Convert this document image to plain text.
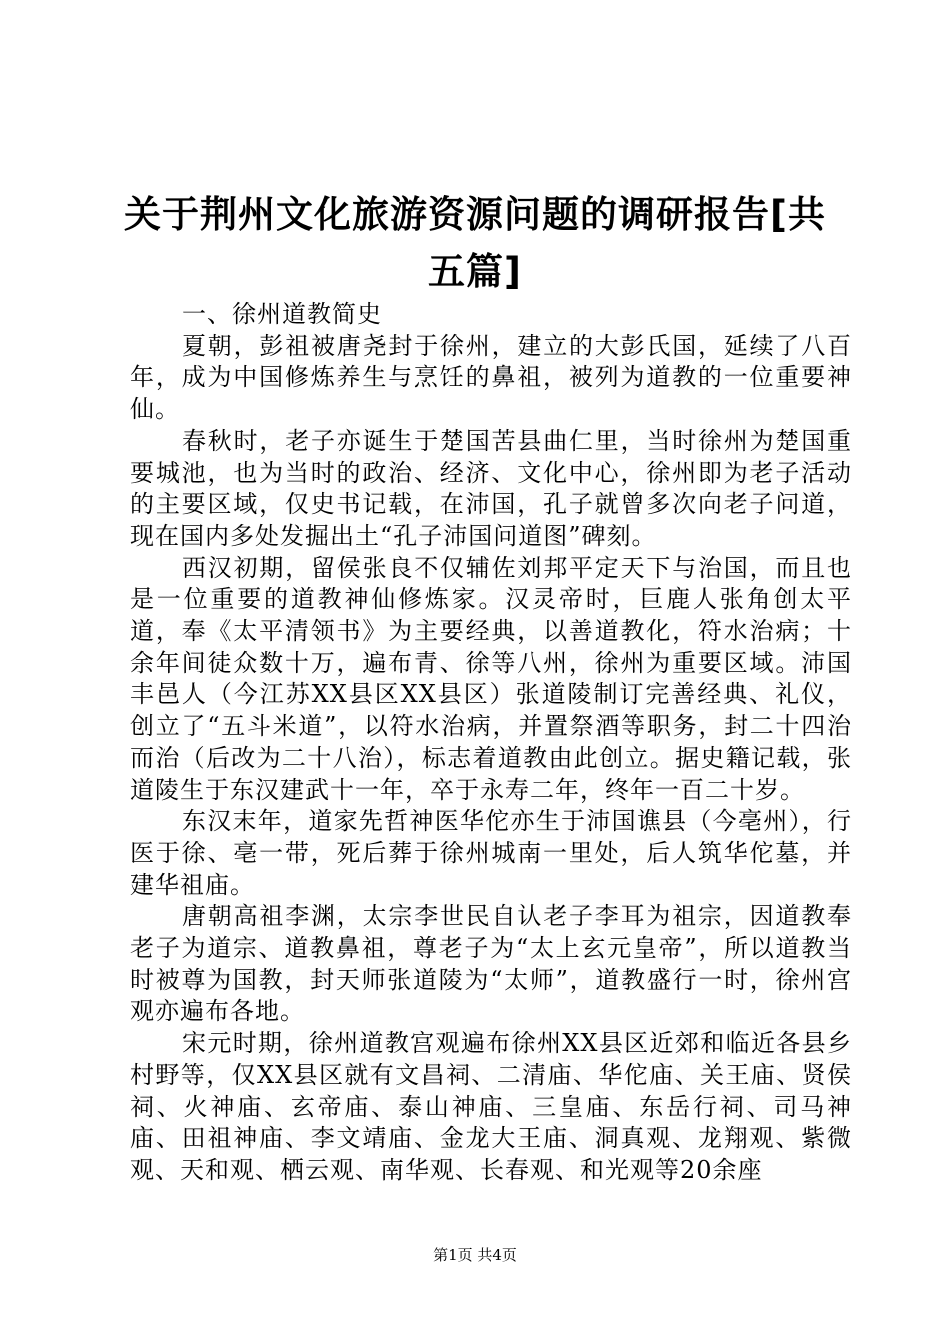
关于荆州文化旅游资源问题的调研报告[共五篇]

一、徐州道教简史

夏朝，彭祖被唐尧封于徐州，建立的大彭氏国，延续了八百年，成为中国修炼养生与烹饪的鼻祖，被列为道教的一位重要神仙。

春秋时，老子亦诞生于楚国苦县曲仁里，当时徐州为楚国重要城池，也为当时的政治、经济、文化中心，徐州即为老子活动的主要区域，仅史书记载，在沛国，孔子就曾多次向老子问道，现在国内多处发掘出土“孔子沛国问道图”碑刻。

西汉初期，留侯张良不仅辅佐刘邦平定天下与治国，而且也是一位重要的道教神仙修炼家。汉灵帝时，巨鹿人张角创太平道，奉《太平清领书》为主要经典，以善道教化，符水治病；十余年间徒众数十万，遍布青、徐等八州，徐州为重要区域。沛国丰邑人（今江苏XX县区XX县区）张道陵制订完善经典、礼仪，创立了“五斗米道”，以符水治病，并置祭酒等职务，封二十四治而治（后改为二十八治），标志着道教由此创立。据史籍记载，张道陵生于东汉建武十一年，卒于永寿二年，终年一百二十岁。

东汉末年，道家先哲神医华佗亦生于沛国谯县（今亳州），行医于徐、亳一带，死后葬于徐州城南一里处，后人筑华佗墓，并建华祖庙。

唐朝高祖李渊，太宗李世民自认老子李耳为祖宗，因道教奉老子为道宗、道教鼻祖，尊老子为“太上玄元皇帝”，所以道教当时被尊为国教，封天师张道陵为“太师”，道教盛行一时，徐州宫观亦遍布各地。

宋元时期，徐州道教宫观遍布徐州XX县区近郊和临近各县乡村野等，仅XX县区就有文昌祠、二清庙、华佗庙、关王庙、贤侯祠、火神庙、玄帝庙、泰山神庙、三皇庙、东岳行祠、司马神庙、田祖神庙、李文靖庙、金龙大王庙、洞真观、龙翔观、紫微观、天和观、栖云观、南华观、长春观、和光观等20余座

第1页 共4页
